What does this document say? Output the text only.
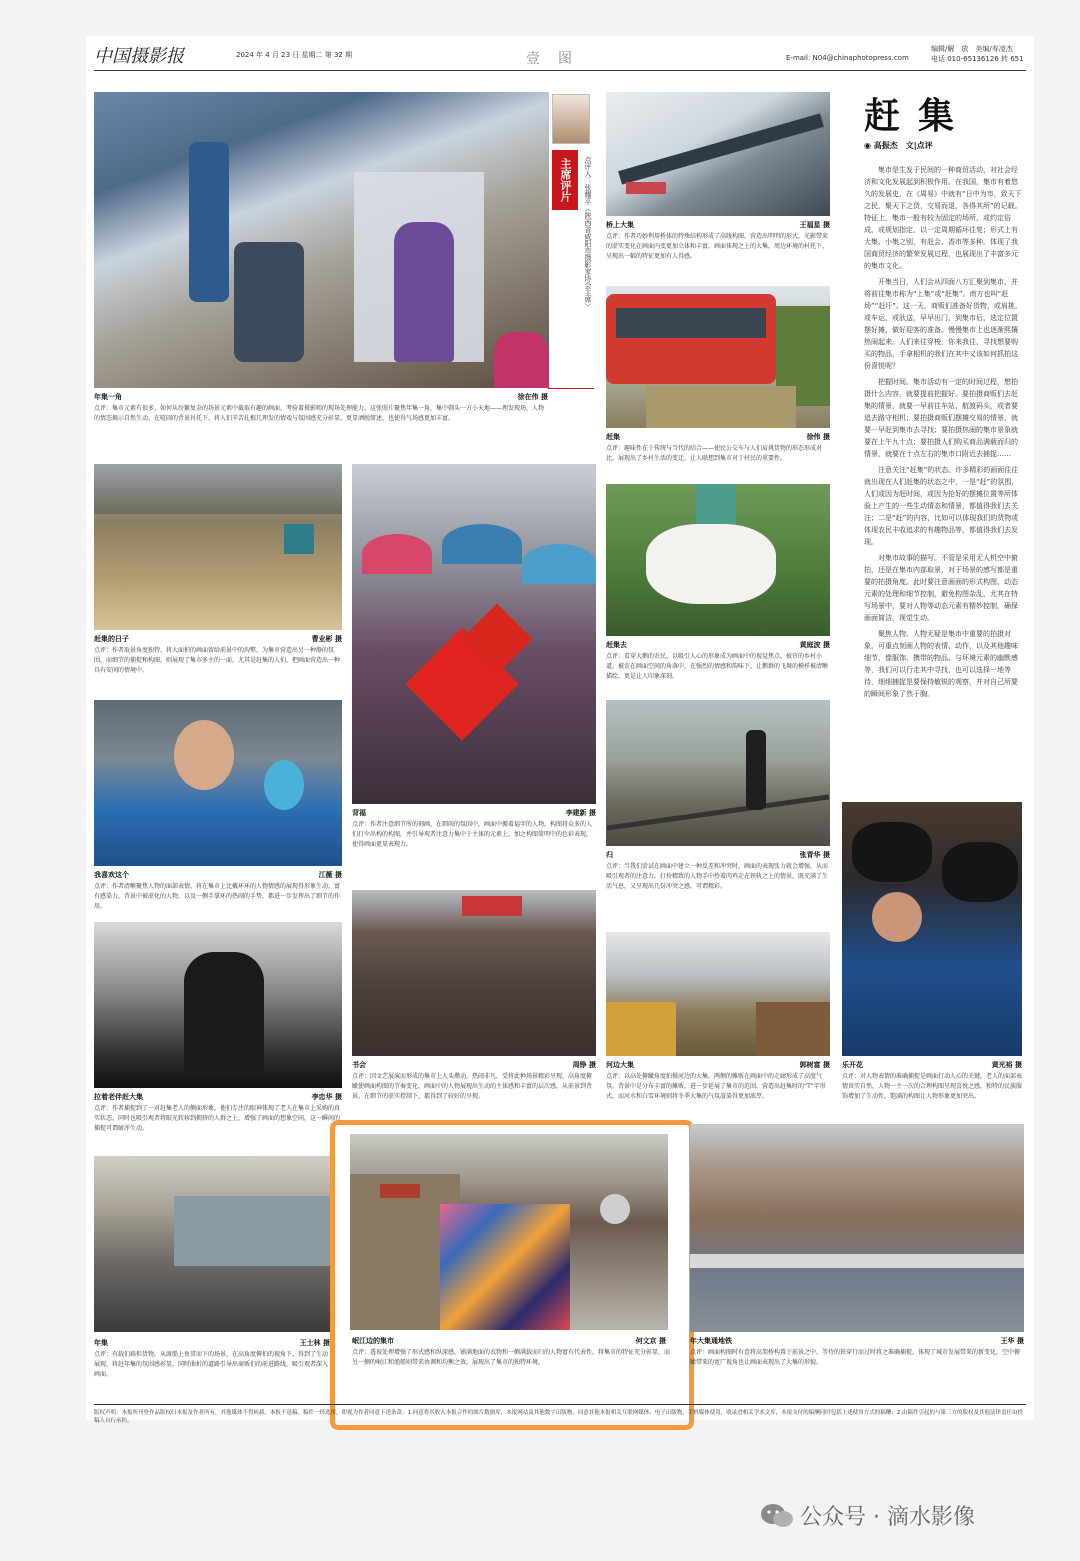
中国摄影报	2024 年 4 月 23 日 星期二 第 32 期	壹图	E-mail: N04@chinaphotopress.com
编辑/解　放　美编/寿凌杰
电话 010-65136126 转 651
年集一角	徐在伟 摄
点评：集市元素有很多，如何从纷繁复杂的场景元素中截取有趣的画面，考验着摄影师的现场处理能力。这张照片聚焦年集一角，集中剃头一方小天地——理发现场，人物的情态揭示自然生动，在喧闹的背景衬托下，将人们辛苦扎根几理发的情戏与氛围感充分彰显，更显洒脱简述，也使得气场感更加丰富。
主席评片	点评人：张耀平（陕西省咸阳市摄影家协会主席） 桥上大集	王福星 摄
点评：作者巧妙利用桥体的特殊结构形成了高线构图，营造出明明的形式，光影带来的虚实变化在画面内变更加立体和丰富，画面体现之上的大集，周边环境的村托下，呈现出一幅的特征更加有人得感。
赶集	徐伟 摄
点评：趣味性在于传统与当代的结合——使民公交车与人们肩挑货物的形态形成对比，展现出了乡村生活的变迁，让人联想到集市对于村民的重要性。
赶集
◉ 高振杰　文|点评

集市是生发于民间的一种商贸活动，对社会经济和文化发展起到积极作用。在我国，集市有着悠久的发展史，在《周易》中就有“日中为市，致天下之民，聚天下之货，交易而退，各得其所”的记载。特征上，集市一般有较为固定的场所，或约定俗成，或规划指定，以一定周期循环往复；形式上有大集、小集之别，有赶会、香市等多种。体现了我国商贸经济的繁荣发展过程，也展现出了丰富多元的集市文化。

开集当日，人们会从四面八方汇聚到集市，并将前往集市称为“上集”或“赶集”。南方也叫“赶场”“赶圩”。这一天，商贩们准备好货物，或肩挑，或车运，或驮送，早早出门，到集市后，选定位置摆好摊，做好迎客的准备。慢慢集市上也逐渐熙攘热闹起来。人们来往穿梭，你来我往，寻找想要购买的物品，手拿相机的我们在其中又该如何抓拍这份喜悦呢？

把握时间。集市活动有一定的时间过程，想拍摄什么内容，就要提前把握好。要拍摄商贩们去赶集的情景，就要一早前往车站、航渡码头，或者要追去路守相机；要拍摄商贩们摆摊交易的情景，就要一早赶到集市去寻找；要拍摄热闹的集市景象就要在上午九十点；要拍摄人们购买商品满载而归的情景，就要在十点左右的集市口附近去捕捉……

注意关注“赶集”的状态。许多精彩的画面往往就出现在人们赶集的状态之中，一是“赶”的氛围，人们或因为赶时间，或因为抢好的摆摊位置等所体验上产生的一些生动情态和情景，都值得我们去关注；二是“赶”的内容，比如可以体现我们的货物或体现农民丰收追求的有趣物品等，都值得我们去发现。

对集市故事的描写。不管是采用无人机空中俯拍，还是在集市内部取景，对于场景的感写都是重要的拍摄角度。此时要注意画面的形式构图、动态元素的处理和细节控制，避免构图杂乱，尤其在特写场景中，要对人物等动态元素有精妙控制，确保画面简洁，视觉生动。

聚焦人物。人物无疑是集市中重要的拍摄对象，可重点刻画人物的表情、动作，以及其他趣味细节，像服饰、携带的物品、与环境元素的幽默感等，我们可以行走其中寻找，也可以选择一地等待，细细捕捉是要保持敏锐的观察，并对自己所要的瞬间形象了然于胸。

赶集的日子	曹业彬 摄
点评：作者取景角度独特，将大面积的画面留给前景中的沟壑，为集市营造出另一种静的氛围，而细节的捕捉和构图，则展现了集市多主的一面，尤其是赶集的人们，把画面营造出一种具有安闲的情境中。
背福	李建新 摄
点评：作者注意细节所的刻画，在细雨的氛围中，画面中搬着福字的人物，构图将众多的人们打伞出构的构图，并引导观者注意力集中于主体的元素上，加之构图简明中的色彩表现，使得画面更显表现力。
赶集去	黄庭波 摄
点评：看穿大鹅的农民，以吸引人心的形象成为画面中的视觉焦点，披官的乡村小道，被农在画面空间的角落中，在强烈的情感和韵味下，让鹅群的飞舞的模样被清晰描绘，更是让人印象深刻。
我喜欢这个	江薇 摄
点评：作者清晰聚焦人物的面部表情，将在集市上比戴环环的人物情感的展现得形象生动，富有感染力，背景中被虚化的人物，以及一侧手掌环的热闹的手势，都进一步发挥出了细节的作用。
归	张青华 摄
点评：当我们尝试在画面中建立一种反差和冲突时，画面的表现张力就会增强，从而吸引观者的注意力。打扮精致的人物手中拎着肉鸡走在铁轨之上的情景，既充满了生活气息，又呈现出几份冲突之感，可谓精彩。
乐开花	黄光裕 摄
点评：对人物表情的准确捕捉是画面打动人心的关键，老人的面部表情真实自然，人物一主一次的合理构图呈现喜悦之感，独特的民族服饰增加了生动性，饱满的构图让人物形象更加突出。
拉着老伴赶大集	李忠华 摄
点评：作者捕捉到了一对赶集老人的侧面形象，他们专注的眼神体现了老人在集市上采购的真实状态，同时也吸引观者将眼光转移到拥挤的人群之上，增强了画面的想象空间，这一瞬间的捕捉可谓耐浑生动。
书会	周铮 摄
点评：因文艺展演而形成的集市上人头攒动，热闹非凡，受将此种场景精彩呈现，高角度俯瞰使画面构图的节奏变化，画面中的人物展现出生动的主体感和丰富的层次感，从前景到背景，在细节的虚实控制下，都得到了较好的呈现。
河边大集	郭树富 摄
点评：以高处俯瞰角度拍摄河边的大集，两侧的摊贩在画面中的走廊形成了高度气氛，背景中是分布丰富的摊贩，进一步延展了集市的范围，营造出赶集时的“T”字形式，而河水和白雪环境则将冬季大集的气氛渲染得更加浓厚。
年集	王士林 摄
点评：有载们扁担货物，从渡船上鱼贯而下的场景，在高角度俯拍的视角下，得到了生动展现，将赶年集的氛围感彰显，同时曲折的道路引导出商贩们的前进路线，吸引观者深入画面。
岷江边的集市	何文京 摄
点评：透视处理增强了形式感和纵深感，铺满地面的衣物和一侧满载而归的人物富有代表性，将集市的特征充分彰显，而另一侧的岷江和渔船则带来协调和均衡之效，展现出了集市的独特环境。
年大集通地铁	王华 摄
点评：画面构图时有意将高架桥构置于前景之中，等待的铁穿行而过时将之准确捕捉，体现了城市发展带来的新变化，空中俯瞰带来的宽广视角也让画面表现出了大集的形貌。
版权声明：本报所刊登作品版权归本报及作者所有，其他媒体不得转载。本报不退稿。稿件一经选用，即视为作者同意下述条款：1.同意将其收入本报合作的图片数据库，本报网站及其他数字出版物，同意其他本报相关互联网媒体、电子出版物、手机媒体使用，收录进相关学术文库，本报支付的稿酬同时包括上述使用方式的稿酬；2.由稿件引起的与第三方的版权及其他法律责任由投稿人自行承担。
公众号 · 滴水影像
